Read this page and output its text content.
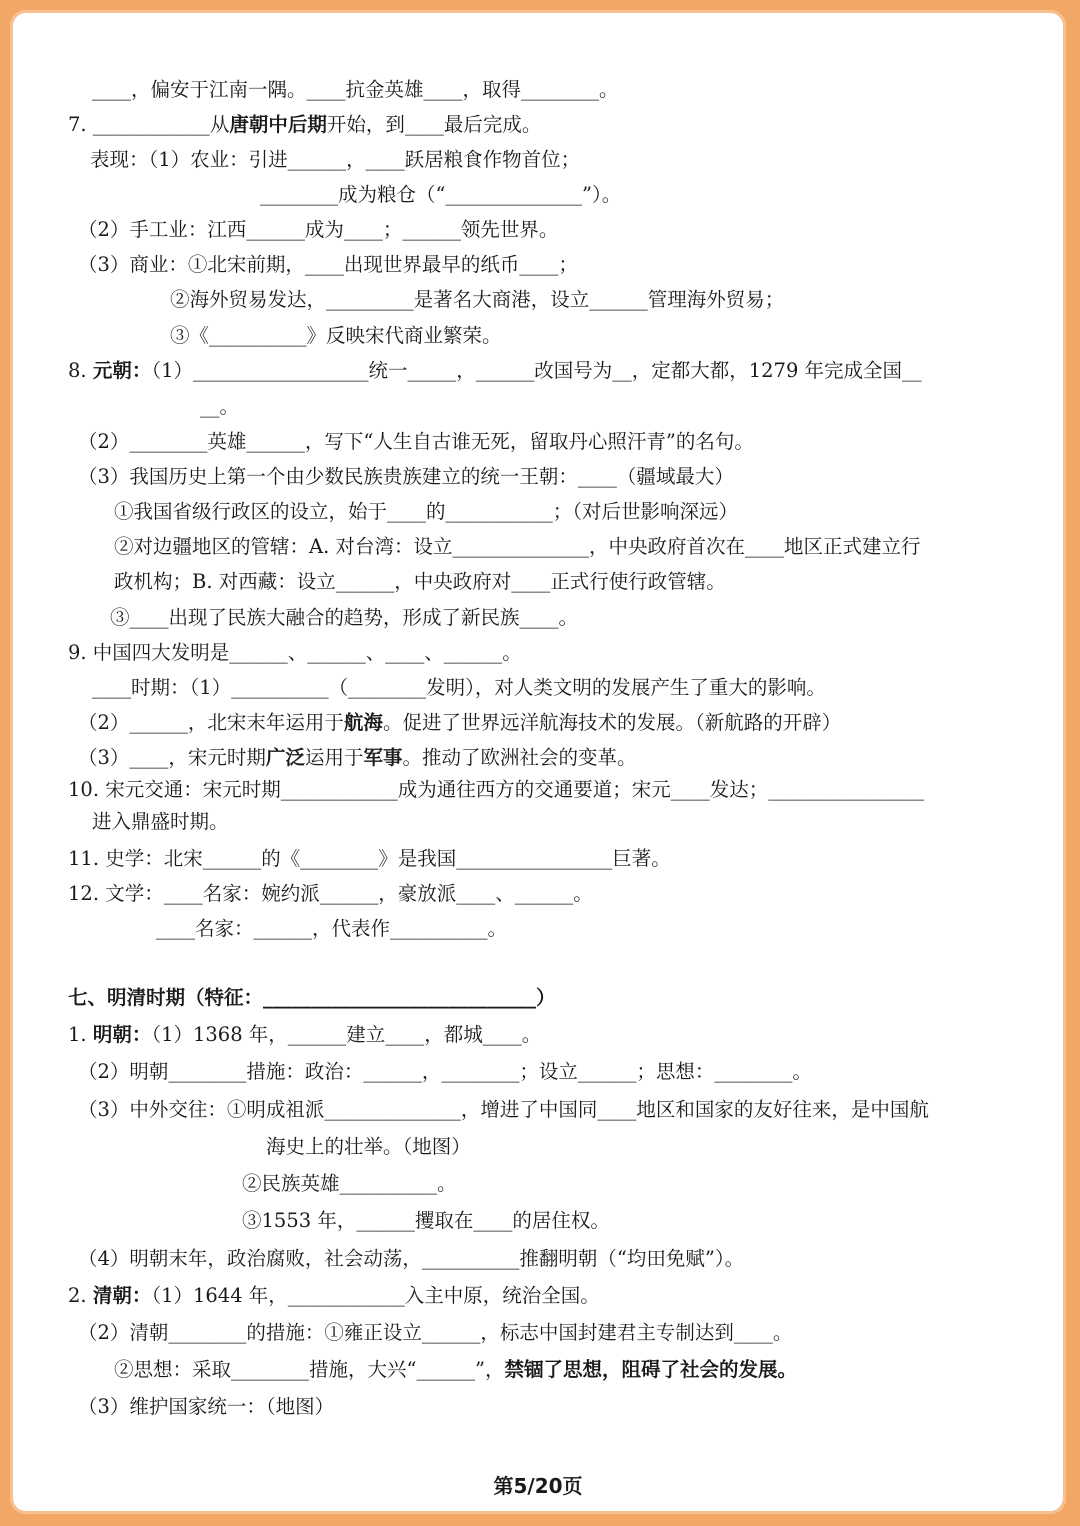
____，偏安于江南一隅。____抗金英雄____，取得________。
7. ____________从唐朝中后期开始，到____最后完成。
表现：（1）农业：引进______，____跃居粮食作物首位；
________成为粮仓（“______________”）。
（2）手工业：江西______成为____；______领先世界。
（3）商业：①北宋前期，____出现世界最早的纸币____；
②海外贸易发达，_________是著名大商港，设立______管理海外贸易；
③《__________》反映宋代商业繁荣。
8. 元朝：（1）__________________统一_____，______改国号为__，定都大都，1279 年完成全国__
__。
（2）________英雄______，写下“人生自古谁无死，留取丹心照汗青”的名句。
（3）我国历史上第一个由少数民族贵族建立的统一王朝：____（疆域最大）
①我国省级行政区的设立，始于____的___________；（对后世影响深远）
②对边疆地区的管辖：A. 对台湾：设立______________，中央政府首次在____地区正式建立行
政机构；B. 对西藏：设立______，中央政府对____正式行使行政管辖。
③____出现了民族大融合的趋势，形成了新民族____。
9. 中国四大发明是______、______、____、______。
____时期：（1）__________（________发明），对人类文明的发展产生了重大的影响。
（2）______，北宋末年运用于航海。促进了世界远洋航海技术的发展。（新航路的开辟）
（3）____，宋元时期广泛运用于军事。推动了欧洲社会的变革。
10. 宋元交通：宋元时期____________成为通往西方的交通要道；宋元____发达；________________
进入鼎盛时期。
11. 史学：北宋______的《________》是我国________________巨著。
12. 文学：____名家：婉约派______，豪放派____、______。
____名家：______，代表作__________。
七、明清时期（特征：____________________________）
1. 明朝：（1）1368 年，______建立____，都城____。
（2）明朝________措施：政治：______，________；设立______；思想：________。
（3）中外交往：①明成祖派______________，增进了中国同____地区和国家的友好往来，是中国航
海史上的壮举。（地图）
②民族英雄__________。
③1553 年，______攫取在____的居住权。
（4）明朝末年，政治腐败，社会动荡，__________推翻明朝（“均田免赋”）。
2. 清朝：（1）1644 年，____________入主中原，统治全国。
（2）清朝________的措施：①雍正设立______，标志中国封建君主专制达到____。
②思想：采取________措施，大兴“______”，禁锢了思想，阻碍了社会的发展。
（3）维护国家统一：（地图）
第5/20页
